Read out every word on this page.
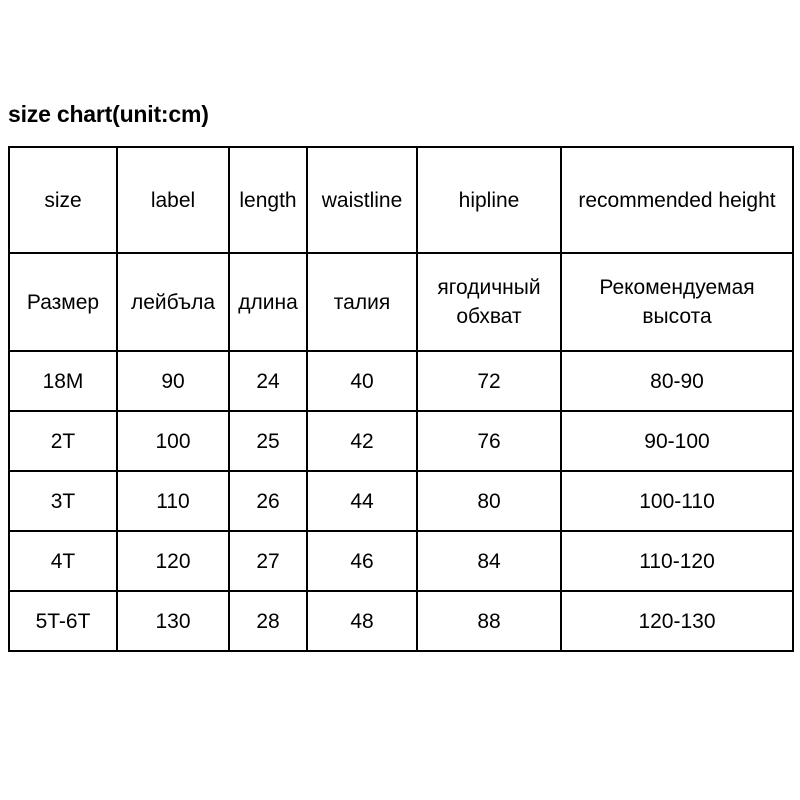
size chart(unit:cm)
size	label	length	waistline	hipline	recommended height
Размер	лейбъла	длина	талия	ягодичный обхват	Рекомендуемая высота
18M	90	24	40	72	80-90
2T	100	25	42	76	90-100
3T	110	26	44	80	100-110
4T	120	27	46	84	110-120
5T-6T	130	28	48	88	120-130
